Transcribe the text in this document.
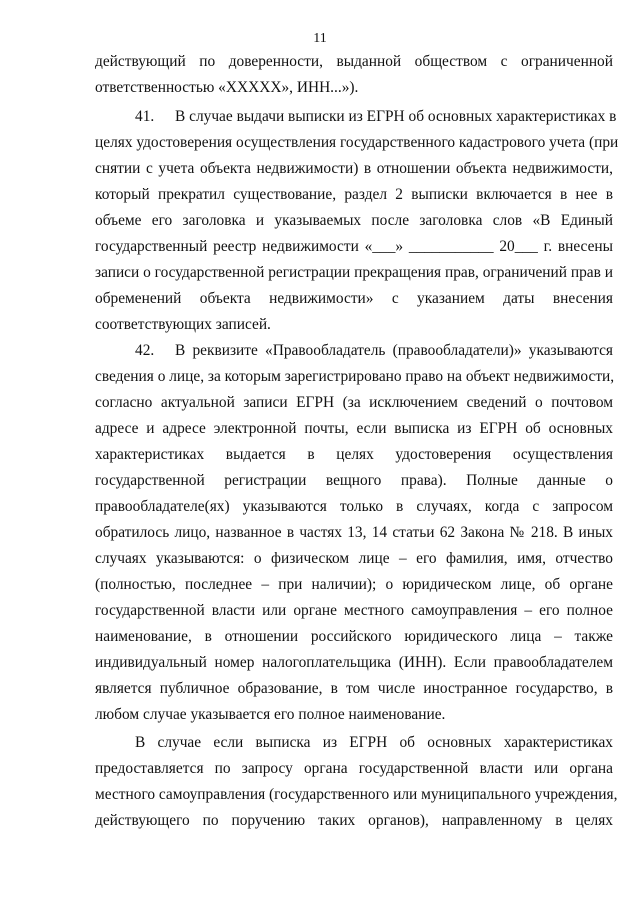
11
действующий по доверенности, выданной обществом с ограниченной
ответственностью «XXXXX», ИНН...»).
41. В случае выдачи выписки из ЕГРН об основных характеристиках в
целях удостоверения осуществления государственного кадастрового учета (при
снятии с учета объекта недвижимости) в отношении объекта недвижимости,
который прекратил существование, раздел 2 выписки включается в нее в
объеме его заголовка и указываемых после заголовка слов «В Единый
государственный реестр недвижимости «___» ___________ 20___ г. внесены
записи о государственной регистрации прекращения прав, ограничений прав и
обременений объекта недвижимости» с указанием даты внесения
соответствующих записей.
42. В реквизите «Правообладатель (правообладатели)» указываются
сведения о лице, за которым зарегистрировано право на объект недвижимости,
согласно актуальной записи ЕГРН (за исключением сведений о почтовом
адресе и адресе электронной почты, если выписка из ЕГРН об основных
характеристиках выдается в целях удостоверения осуществления
государственной регистрации вещного права). Полные данные о
правообладателе(ях) указываются только в случаях, когда с запросом
обратилось лицо, названное в частях 13, 14 статьи 62 Закона № 218. В иных
случаях указываются: о физическом лице – его фамилия, имя, отчество
(полностью, последнее – при наличии); о юридическом лице, об органе
государственной власти или органе местного самоуправления – его полное
наименование, в отношении российского юридического лица – также
индивидуальный номер налогоплательщика (ИНН). Если правообладателем
является публичное образование, в том числе иностранное государство, в
любом случае указывается его полное наименование.
В случае если выписка из ЕГРН об основных характеристиках
предоставляется по запросу органа государственной власти или органа
местного самоуправления (государственного или муниципального учреждения,
действующего по поручению таких органов), направленному в целях
